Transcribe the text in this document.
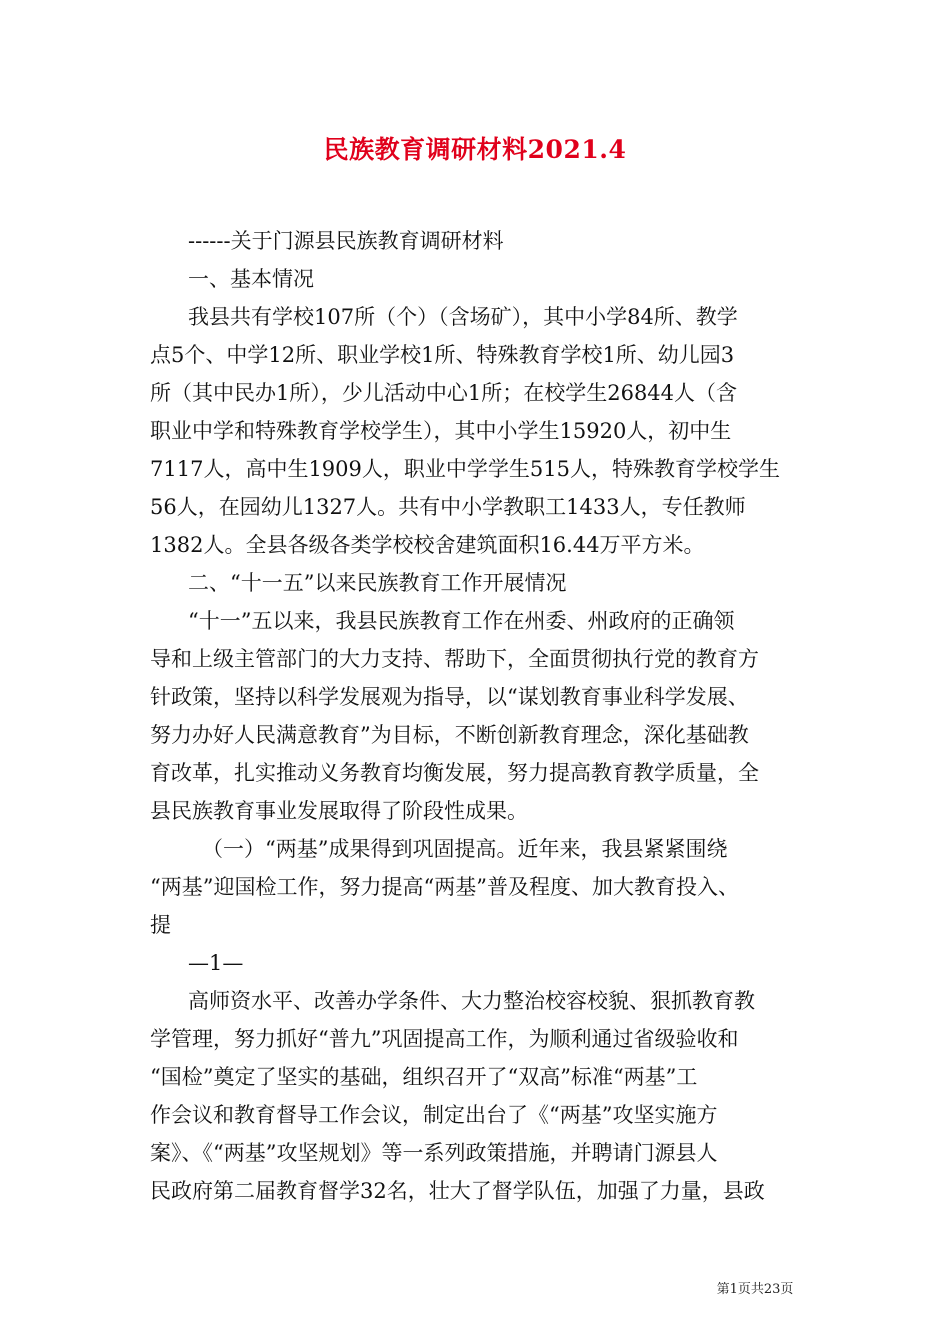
民族教育调研材料2021.4
------关于门源县民族教育调研材料
一、基本情况
我县共有学校107所（个）（含场矿），其中小学84所、教学
点5个、中学12所、职业学校1所、特殊教育学校1所、幼儿园3
所（其中民办1所），少儿活动中心1所；在校学生26844人（含
职业中学和特殊教育学校学生），其中小学生15920人，初中生
7117人，高中生1909人，职业中学学生515人，特殊教育学校学生
56人，在园幼儿1327人。共有中小学教职工1433人，专任教师
1382人。全县各级各类学校校舍建筑面积16.44万平方米。
二、“十一五”以来民族教育工作开展情况
“十一”五以来，我县民族教育工作在州委、州政府的正确领
导和上级主管部门的大力支持、帮助下，全面贯彻执行党的教育方
针政策，坚持以科学发展观为指导，以“谋划教育事业科学发展、
努力办好人民满意教育”为目标，不断创新教育理念，深化基础教
育改革，扎实推动义务教育均衡发展，努力提高教育教学质量，全
县民族教育事业发展取得了阶段性成果。
（一）“两基”成果得到巩固提高。近年来，我县紧紧围绕
“两基”迎国检工作，努力提高“两基”普及程度、加大教育投入、
提
—1—
高师资水平、改善办学条件、大力整治校容校貌、狠抓教育教
学管理，努力抓好“普九”巩固提高工作，为顺利通过省级验收和
“国检”奠定了坚实的基础，组织召开了“双高”标准“两基”工
作会议和教育督导工作会议，制定出台了《“两基”攻坚实施方
案》、《“两基”攻坚规划》等一系列政策措施，并聘请门源县人
民政府第二届教育督学32名，壮大了督学队伍，加强了力量，县政
第1页共23页
